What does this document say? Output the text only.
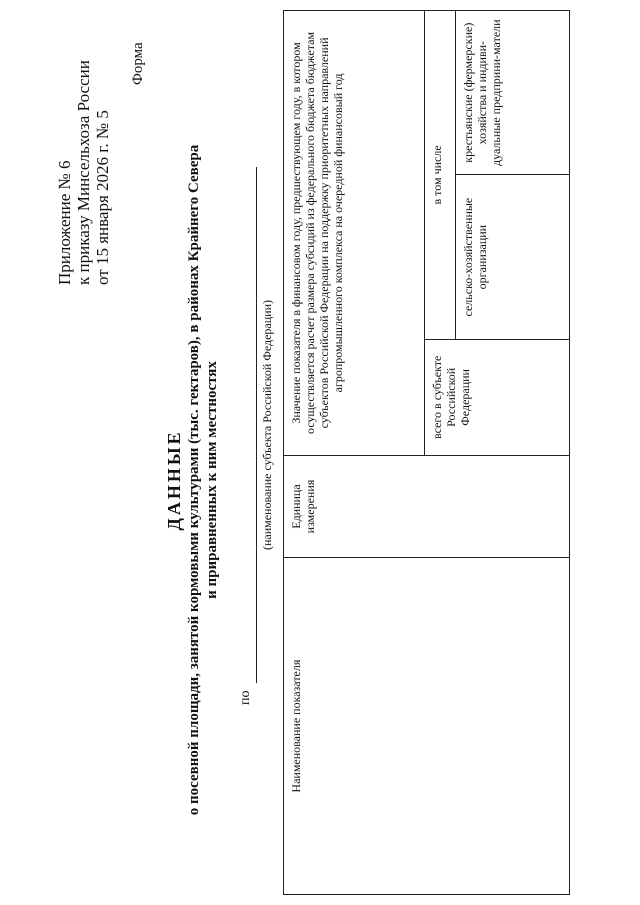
Приложение № 6 к приказу Минсельхоза России от 15 января 2026 г. № 5
Форма
ДАННЫЕ о посевной площади, занятой кормовыми культурами (тыс. гектаров), в районах Крайнего Севера и приравненных к ним местностях
по
(наименование субъекта Российской Федерации)
Наименование показателя	Единица измерения	Значение показателя в финансовом году, предшествующем году, в котором осуществляется расчет размера субсидий из федерального бюджета бюджетам субъектов Российской Федерации на поддержку приоритетных направлений агропромышленного комплекса на очередной финансовый год		
		всего в субъекте Российской Федерации	в том числе	
			сельско-хозяйственные организации	крестьянские (фермерские) хозяйства и индиви-дуальные предприни-матели
